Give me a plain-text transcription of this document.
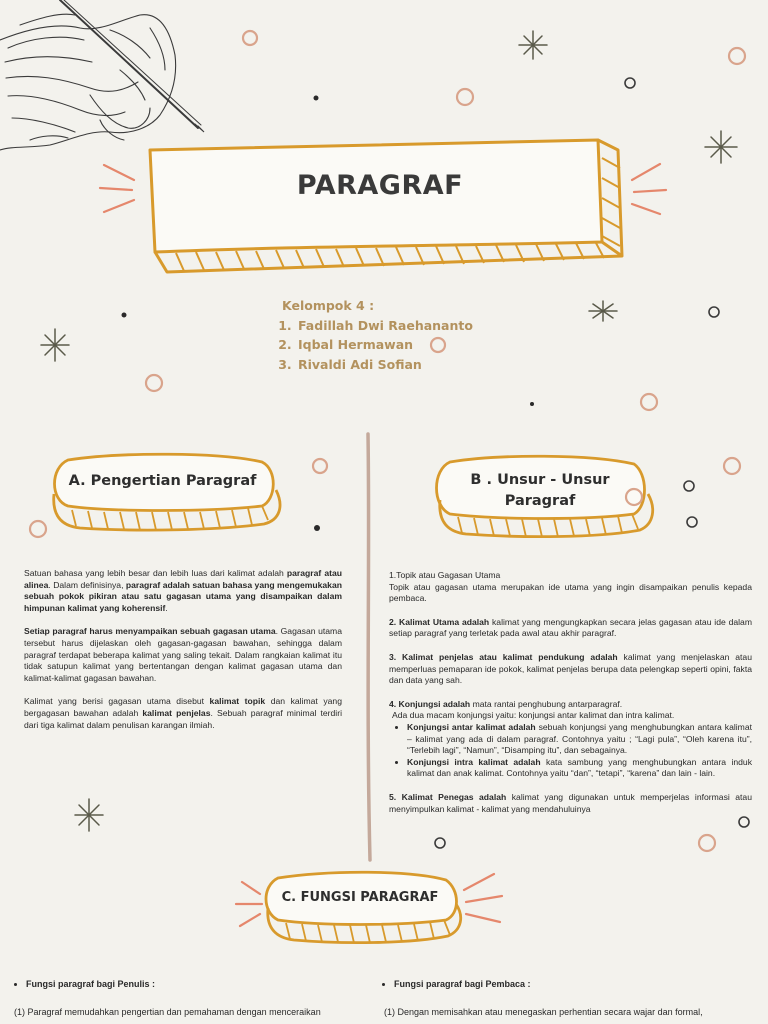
PARAGRAF
Kelompok 4 :
1. Fadillah Dwi Raehananto
2. Iqbal Hermawan
3. Rivaldi Adi Sofian
A. Pengertian Paragraf	B . Unsur - Unsur
Paragraf
C. FUNGSI PARAGRAF

Satuan bahasa yang lebih besar dan lebih luas dari kalimat adalah paragraf atau alinea. Dalam definisinya, paragraf adalah satuan bahasa yang mengemukakan sebuah pokok pikiran atau satu gagasan utama yang disampaikan dalam himpunan kalimat yang koherensif.

Setiap paragraf harus menyampaikan sebuah gagasan utama. Gagasan utama tersebut harus dijelaskan oleh gagasan-gagasan bawahan, sehingga dalam paragraf terdapat beberapa kalimat yang saling tekait. Dalam rangkaian kalimat itu tidak satupun kalimat yang bertentangan dengan kalimat gagasan utama dan kalimat-kalimat gagasan bawahan.

Kalimat yang berisi gagasan utama disebut kalimat topik dan kalimat yang bergagasan bawahan adalah kalimat penjelas. Sebuah paragraf minimal terdiri dari tiga kalimat dalam penulisan karangan ilmiah.

1.Topik atau Gagasan Utama
Topik atau gagasan utama merupakan ide utama yang ingin disampaikan penulis kepada pembaca.

2. Kalimat Utama adalah kalimat yang mengungkapkan secara jelas gagasan atau ide dalam setiap paragraf yang terletak pada awal atau akhir paragraf.

3. Kalimat penjelas atau kalimat pendukung adalah kalimat yang menjelaskan atau memperluas pemaparan ide pokok, kalimat penjelas berupa data pelengkap seperti opini, fakta dan data yang sah.

4. Konjungsi adalah mata rantai penghubung antarparagraf.
Ada dua macam konjungsi yaitu: konjungsi antar kalimat dan intra kalimat.
• Konjungsi antar kalimat adalah sebuah konjungsi yang menghubungkan antara kalimat – kalimat yang ada di dalam paragraf. Contohnya yaitu ; “Lagi pula”, “Oleh karena itu”, “Terlebih lagi”, “Namun”, “Disamping itu”, dan sebagainya.
• Konjungsi intra kalimat adalah kata sambung yang menghubungkan antara induk kalimat dan anak kalimat. Contohnya yaitu “dan”, “tetapi”, “karena” dan lain - lain.

5. Kalimat Penegas adalah kalimat yang digunakan untuk memperjelas informasi atau menyimpulkan kalimat - kalimat yang mendahuluinya

• Fungsi paragraf bagi Penulis :
(1) Paragraf memudahkan pengertian dan pemahaman dengan menceraikan
• Fungsi paragraf bagi Pembaca :
(1) Dengan memisahkan atau menegaskan perhentian secara wajar dan formal,
